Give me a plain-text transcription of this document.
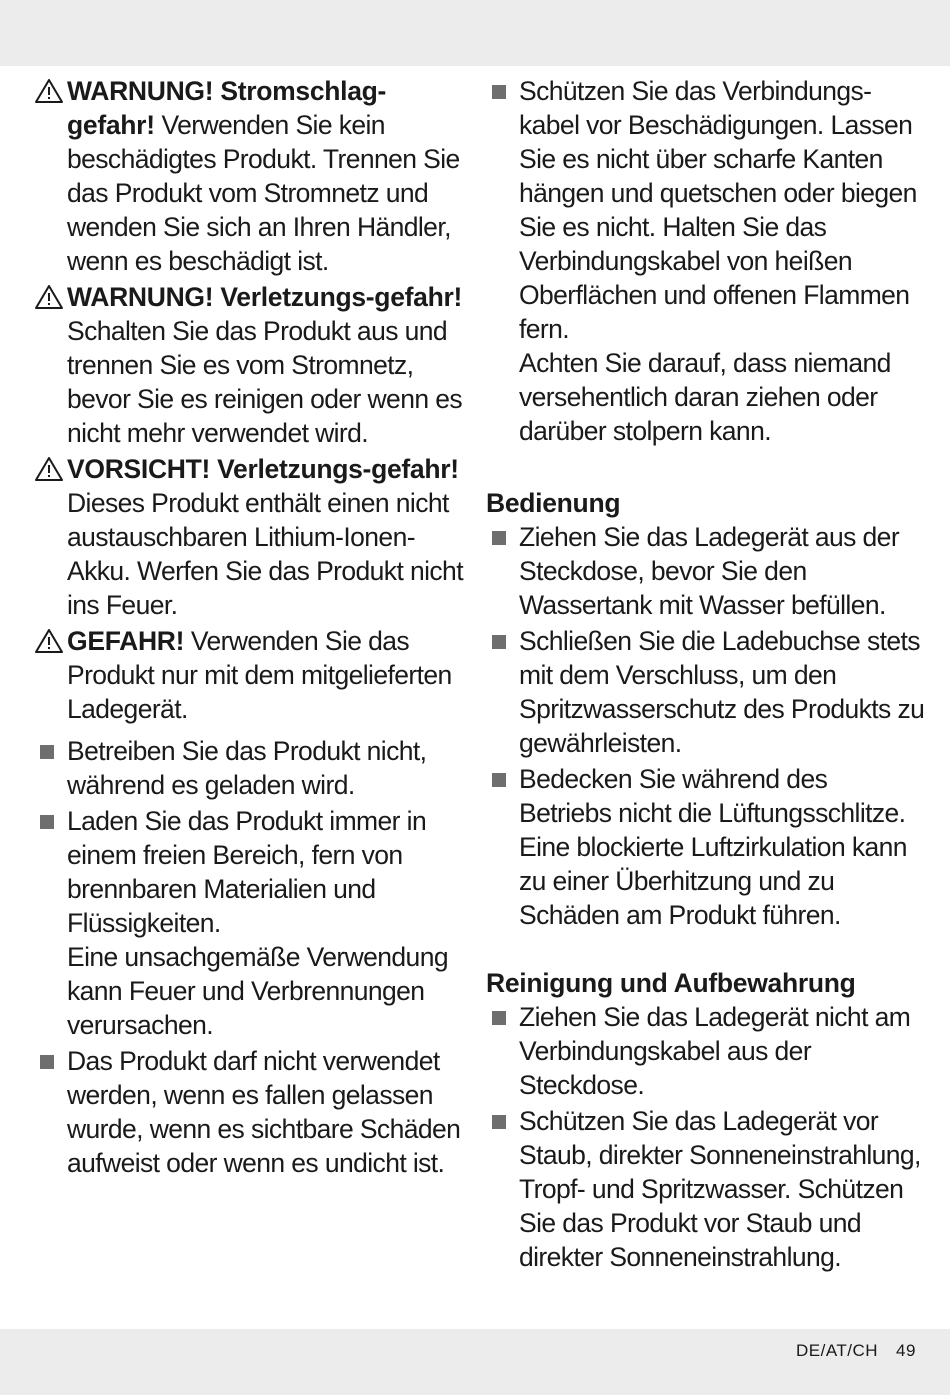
WARNUNG! Stromschlag-gefahr! Verwenden Sie kein beschädigtes Produkt. Trennen Sie das Produkt vom Stromnetz und wenden Sie sich an Ihren Händler, wenn es beschädigt ist.

WARNUNG! Verletzungs-gefahr! Schalten Sie das Produkt aus und trennen Sie es vom Stromnetz, bevor Sie es reinigen oder wenn es nicht mehr verwendet wird.

VORSICHT! Verletzungs-gefahr! Dieses Produkt enthält einen nicht austauschbaren Lithium-Ionen-Akku. Werfen Sie das Produkt nicht ins Feuer.

GEFAHR! Verwenden Sie das Produkt nur mit dem mitgelieferten Ladegerät.

Betreiben Sie das Produkt nicht, während es geladen wird.

Laden Sie das Produkt immer in einem freien Bereich, fern von brennbaren Materialien und Flüssigkeiten.
Eine unsachgemäße Verwendung kann Feuer und Verbrennungen verursachen.

Das Produkt darf nicht verwendet werden, wenn es fallen gelassen wurde, wenn es sichtbare Schäden aufweist oder wenn es undicht ist.

Schützen Sie das Verbindungs-kabel vor Beschädigungen. Lassen Sie es nicht über scharfe Kanten hängen und quetschen oder biegen Sie es nicht. Halten Sie das Verbindungskabel von heißen Oberflächen und offenen Flammen fern.
Achten Sie darauf, dass niemand versehentlich daran ziehen oder darüber stolpern kann.

Bedienung

Ziehen Sie das Ladegerät aus der Steckdose, bevor Sie den Wassertank mit Wasser befüllen.

Schließen Sie die Ladebuchse stets mit dem Verschluss, um den Spritzwasserschutz des Produkts zu gewährleisten.

Bedecken Sie während des Betriebs nicht die Lüftungsschlitze. Eine blockierte Luftzirkulation kann zu einer Überhitzung und zu Schäden am Produkt führen.

Reinigung und Aufbewahrung

Ziehen Sie das Ladegerät nicht am Verbindungskabel aus der Steckdose.

Schützen Sie das Ladegerät vor Staub, direkter Sonneneinstrahlung, Tropf- und Spritzwasser. Schützen Sie das Produkt vor Staub und direkter Sonneneinstrahlung.

DE/AT/CH 49
